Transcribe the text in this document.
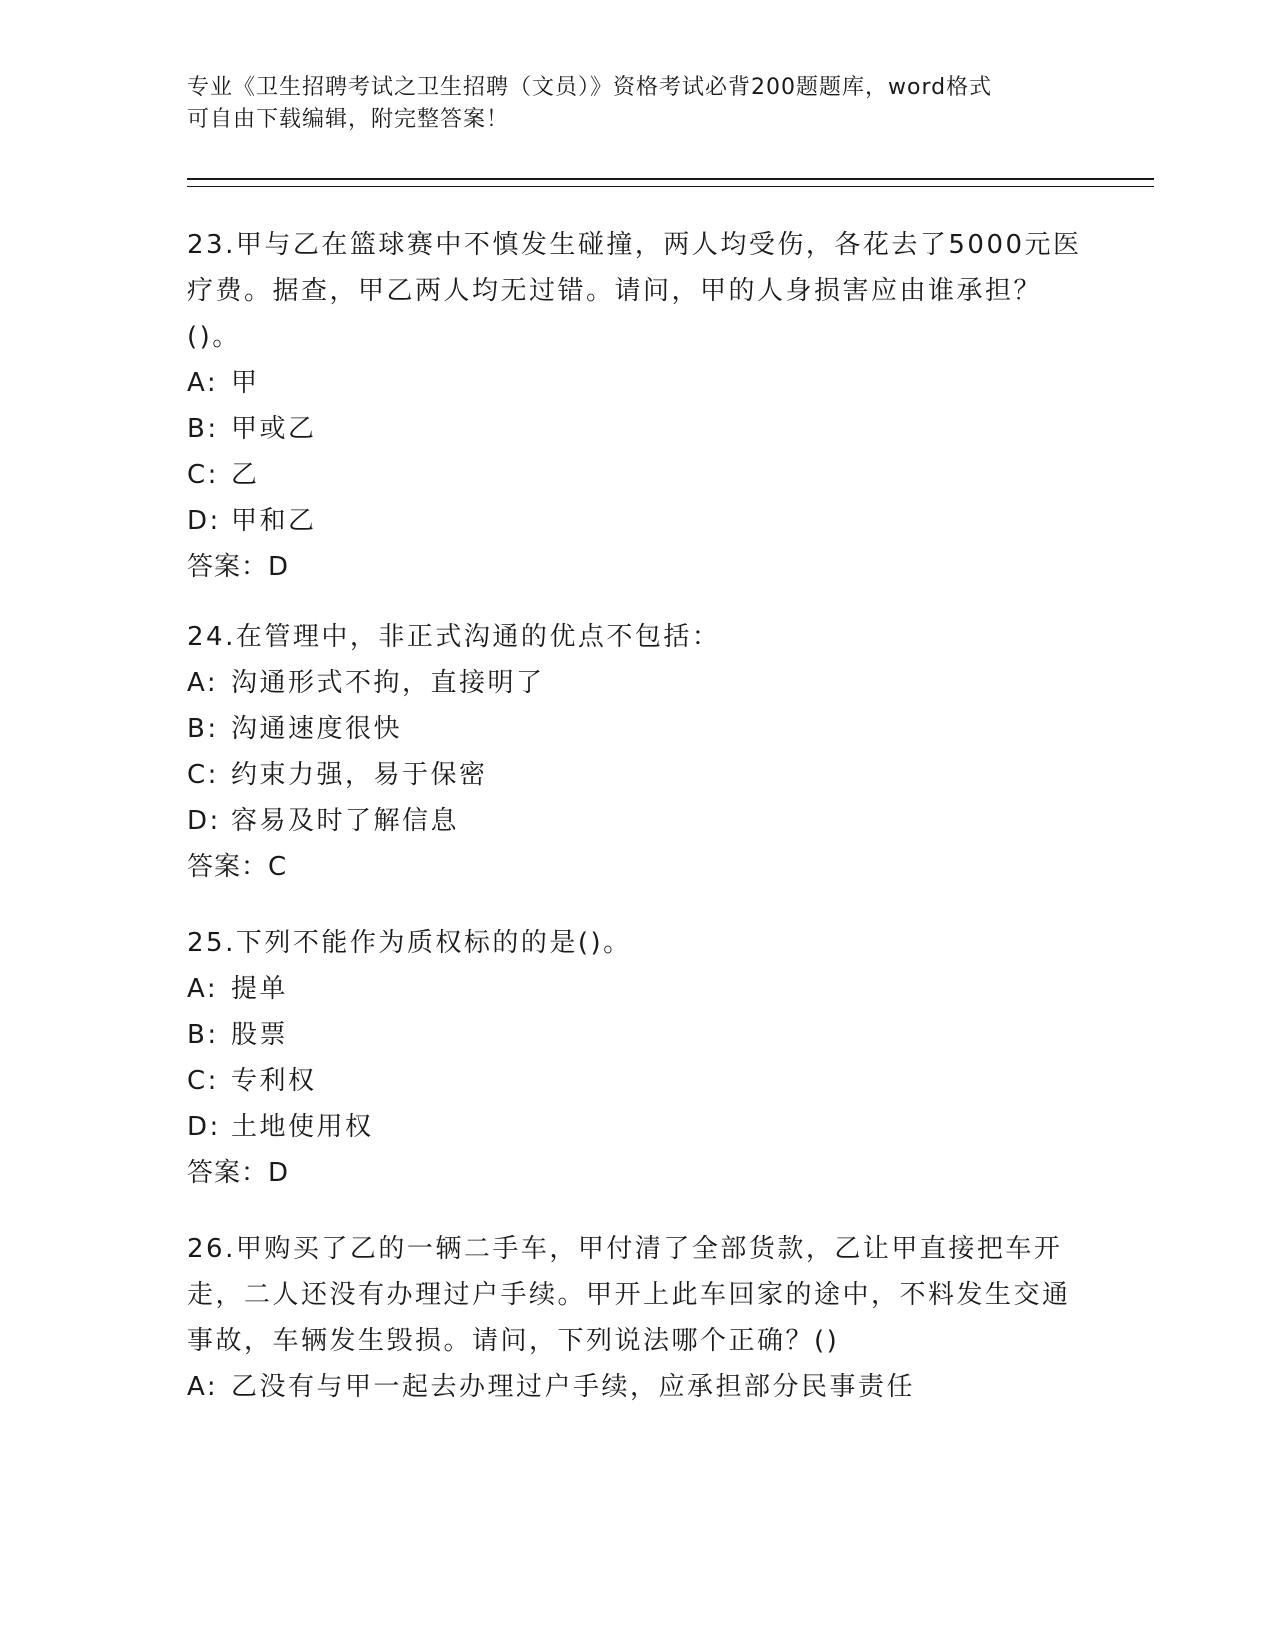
专业《卫生招聘考试之卫生招聘（文员）》资格考试必背200题题库，word格式
可自由下载编辑，附完整答案！

23.甲与乙在篮球赛中不慎发生碰撞，两人均受伤，各花去了5000元医疗费。据查，甲乙两人均无过错。请问，甲的人身损害应由谁承担？()。

A: 甲

B: 甲或乙

C: 乙

D: 甲和乙

答案：D

24.在管理中，非正式沟通的优点不包括：

A: 沟通形式不拘，直接明了

B: 沟通速度很快

C: 约束力强，易于保密

D: 容易及时了解信息

答案：C

25.下列不能作为质权标的的是()。

A: 提单

B: 股票

C: 专利权

D: 土地使用权

答案：D

26.甲购买了乙的一辆二手车，甲付清了全部货款，乙让甲直接把车开走，二人还没有办理过户手续。甲开上此车回家的途中，不料发生交通事故，车辆发生毁损。请问，下列说法哪个正确？()

A: 乙没有与甲一起去办理过户手续，应承担部分民事责任
